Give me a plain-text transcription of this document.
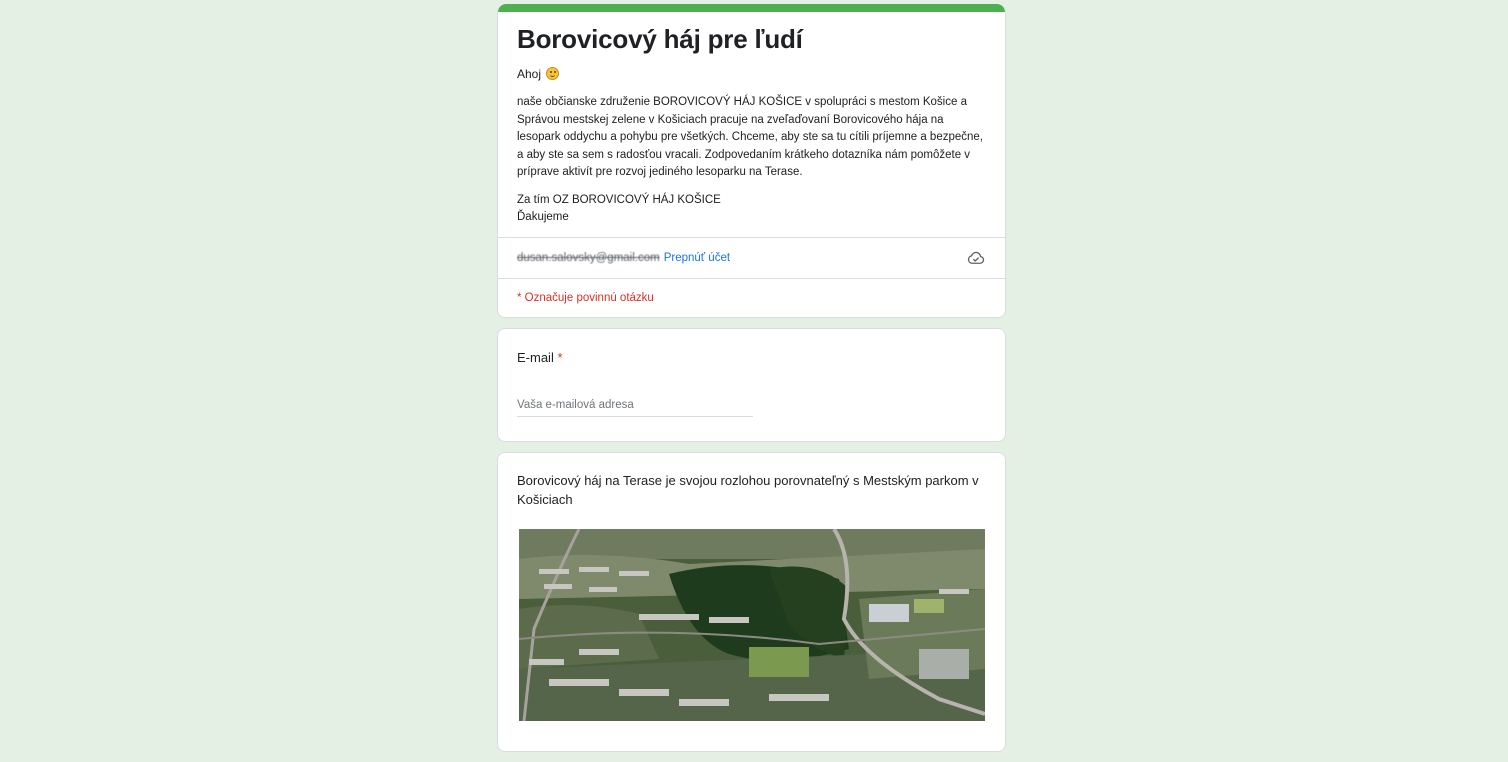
Borovicový háj pre ľudí

Ahoj

naše občianske združenie BOROVICOVÝ HÁJ KOŠICE v spolupráci s mestom Košice a Správou mestskej zelene v Košiciach pracuje na zveľaďovaní Borovicového hája na lesopark oddychu a pohybu pre všetkých. Chceme, aby ste sa tu cítili príjemne a bezpečne, a aby ste sa sem s radosťou vracali. Zodpovedaním krátkeho dotazníka nám pomôžete v príprave aktivít pre rozvoj jediného lesoparku na Terase.

Za tím OZ BOROVICOVÝ HÁJ KOŠICE
Ďakujeme

dusan.salovsky@gmail.com Prepnúť účet
* Označuje povinnú otázku

E-mail *

Vaša e-mailová adresa

Borovicový háj na Terase je svojou rozlohou porovnateľný s Mestským parkom v Košiciach
